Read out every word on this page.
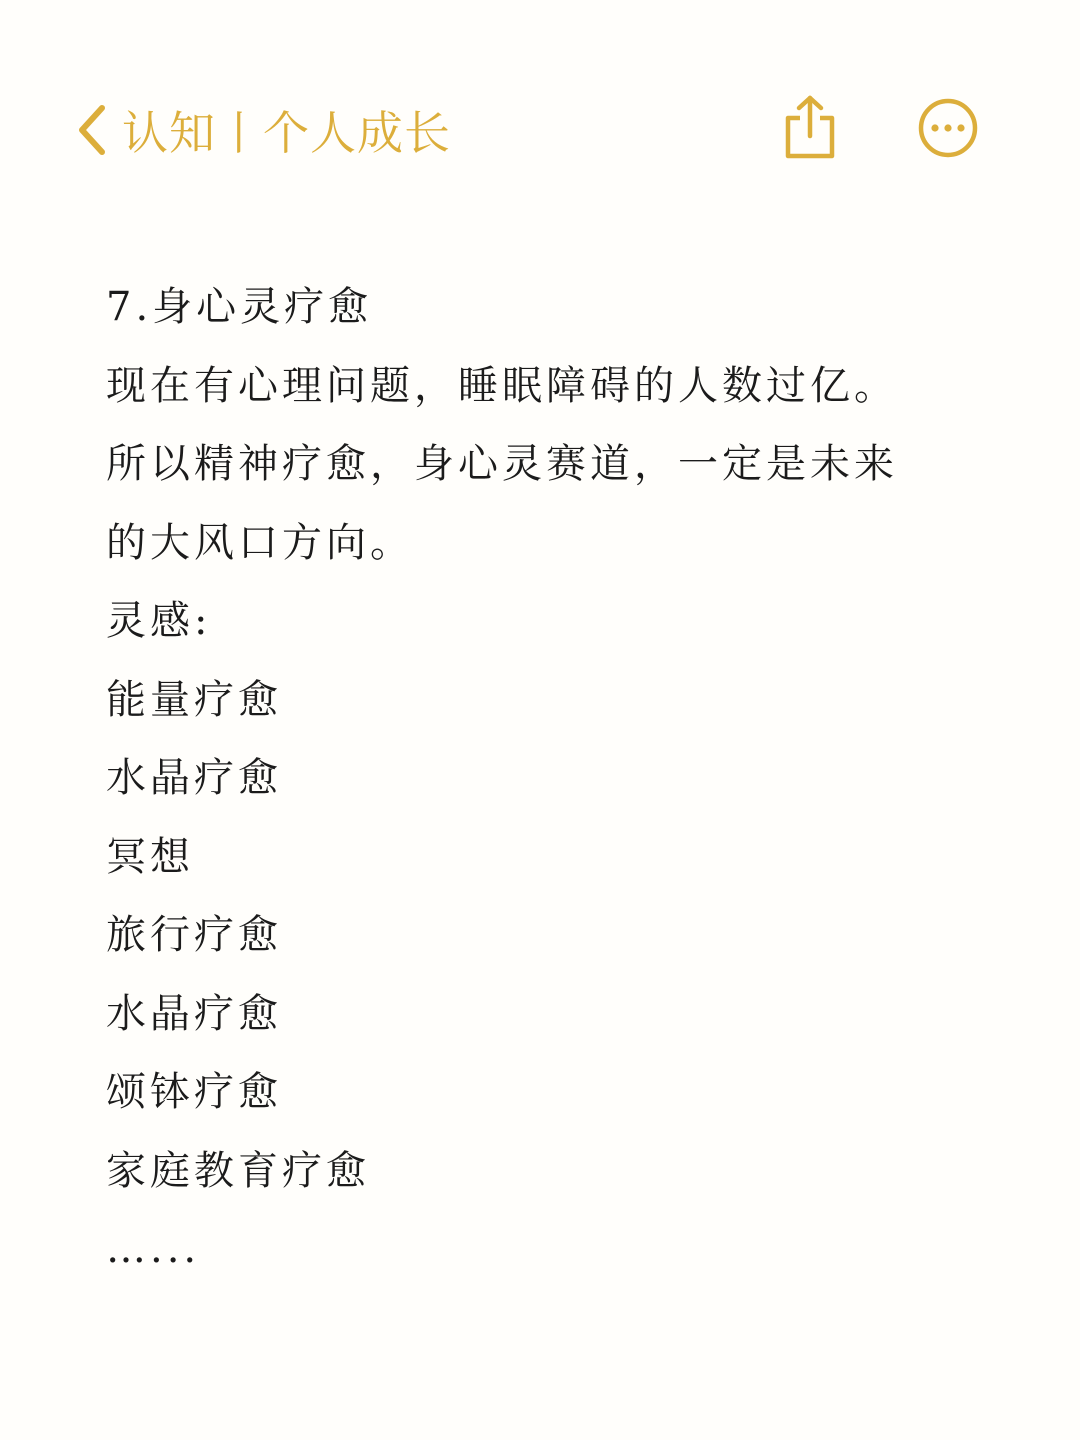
认知丨个人成长
7.身心灵疗愈
现在有心理问题，睡眠障碍的人数过亿。
所以精神疗愈，身心灵赛道，一定是未来
的大风口方向。
灵感:
能量疗愈
水晶疗愈
冥想
旅行疗愈
水晶疗愈
颂钵疗愈
家庭教育疗愈
…...
